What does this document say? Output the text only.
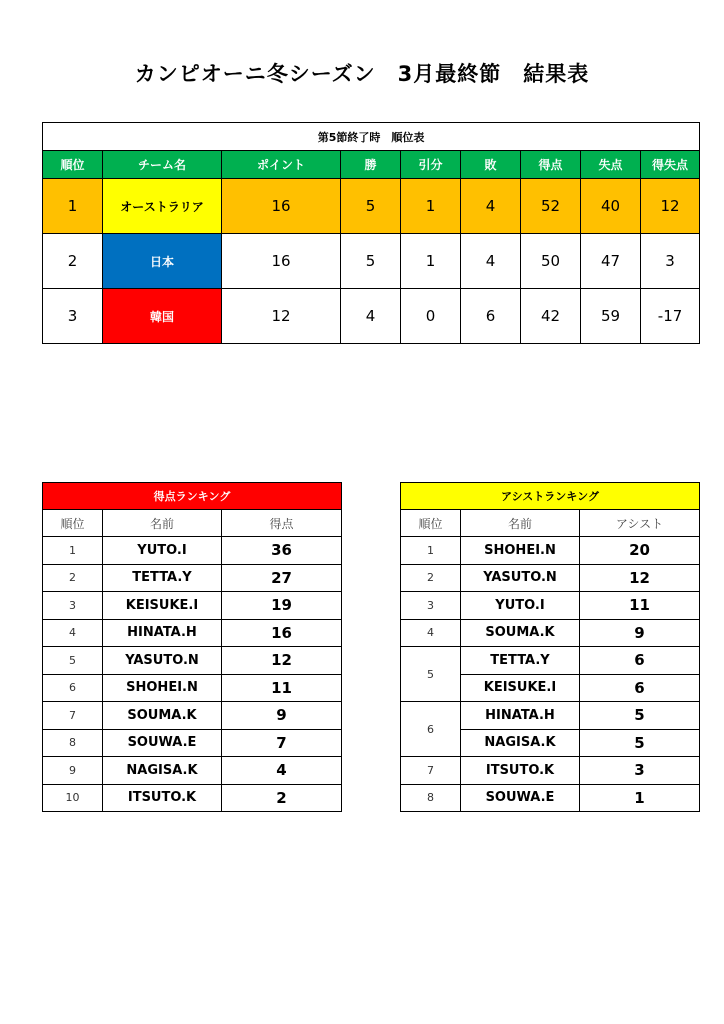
カンピオーニ冬シーズン　3月最終節　結果表
第5節終了時　順位表								
順位	チーム名	ポイント	勝	引分	敗	得点	失点	得失点
1	オーストラリア	16	5	1	4	52	40	12
2	日本	16	5	1	4	50	47	3
3	韓国	12	4	0	6	42	59	-17
得点ランキング		
順位	名前	得点
1	YUTO.I	36
2	TETTA.Y	27
3	KEISUKE.I	19
4	HINATA.H	16
5	YASUTO.N	12
6	SHOHEI.N	11
7	SOUMA.K	9
8	SOUWA.E	7
9	NAGISA.K	4
10	ITSUTO.K	2
アシストランキング		
順位	名前	アシスト
1	SHOHEI.N	20
2	YASUTO.N	12
3	YUTO.I	11
4	SOUMA.K	9
5	TETTA.Y	6
	KEISUKE.I	6
6	HINATA.H	5
	NAGISA.K	5
7	ITSUTO.K	3
8	SOUWA.E	1
